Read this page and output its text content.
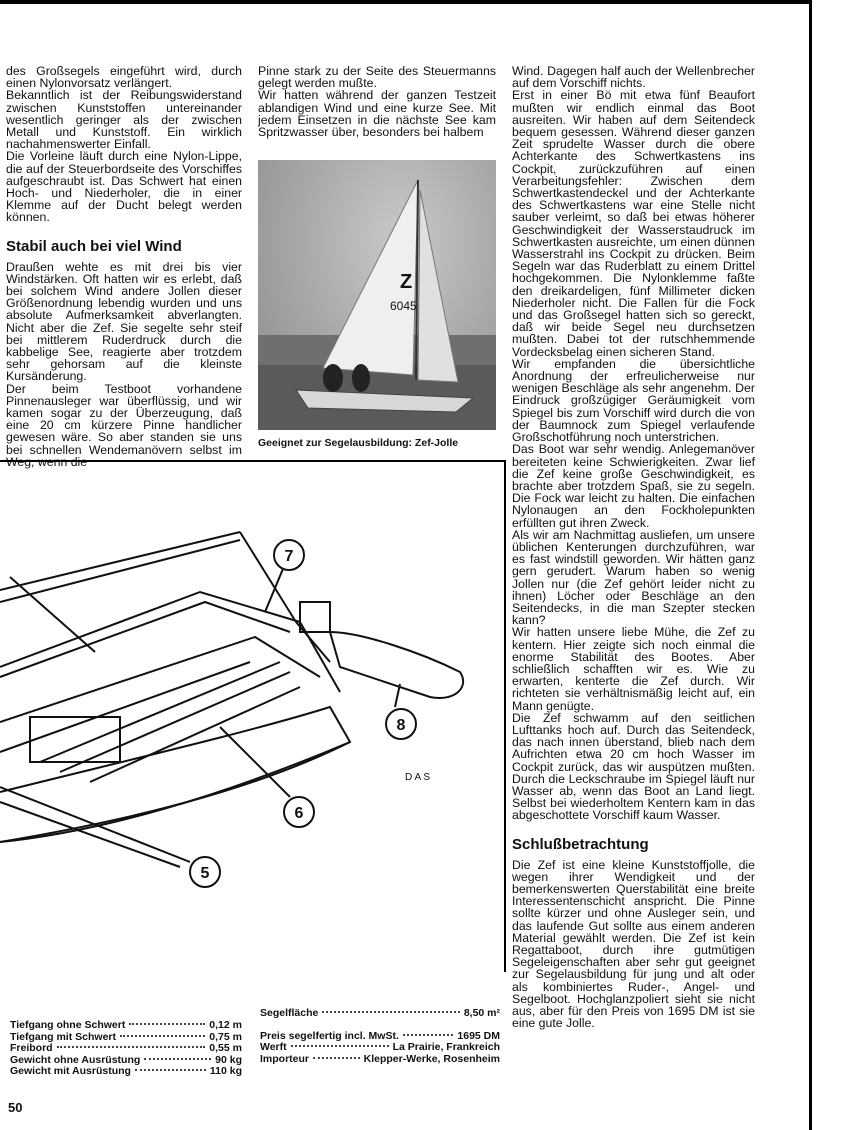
des Großsegels eingeführt wird, durch einen Nylonvorsatz verlängert.

Bekanntlich ist der Reibungswiderstand zwischen Kunststoffen untereinander wesentlich geringer als der zwischen Metall und Kunststoff. Ein wirklich nachahmenswerter Einfall.

Die Vorleine läuft durch eine Nylon-Lippe, die auf der Steuerbordseite des Vorschiffes aufgeschraubt ist. Das Schwert hat einen Hoch- und Niederholer, die in einer Klemme auf der Ducht belegt werden können.

Stabil auch bei viel Wind

Draußen wehte es mit drei bis vier Windstärken. Oft hatten wir es erlebt, daß bei solchem Wind andere Jollen dieser Größenordnung lebendig wurden und uns absolute Aufmerksamkeit abverlangten. Nicht aber die Zef. Sie segelte sehr steif bei mittlerem Ruderdruck durch die kabbelige See, reagierte aber trotzdem sehr gehorsam auf die kleinste Kursänderung.

Der beim Testboot vorhandene Pinnenausleger war überflüssig, und wir kamen sogar zu der Überzeugung, daß eine 20 cm kürzere Pinne handlicher gewesen wäre. So aber standen sie uns bei schnellen Wendemanövern selbst im Weg, wenn die

Pinne stark zu der Seite des Steuermanns gelegt werden mußte.

Wir hatten während der ganzen Testzeit ablandigen Wind und eine kurze See. Mit jedem Einsetzen in die nächste See kam Spritzwasser über, besonders bei halbem

Z
6045
Geeignet zur Segelausbildung: Zef-Jolle

Wind. Dagegen half auch der Wellenbrecher auf dem Vorschiff nichts.

Erst in einer Bö mit etwa fünf Beaufort mußten wir endlich einmal das Boot ausreiten. Wir haben auf dem Seitendeck bequem gesessen. Während dieser ganzen Zeit sprudelte Wasser durch die obere Achterkante des Schwertkastens ins Cockpit, zurückzuführen auf einen Verarbeitungsfehler: Zwischen dem Schwertkastendeckel und der Achterkante des Schwertkastens war eine Stelle nicht sauber verleimt, so daß bei etwas höherer Geschwindigkeit der Wasserstaudruck im Schwertkasten ausreichte, um einen dünnen Wasserstrahl ins Cockpit zu drücken. Beim Segeln war das Ruderblatt zu einem Drittel hochgekommen. Die Nylonklemme faßte den dreikardeligen, fünf Millimeter dicken Niederholer nicht. Die Fallen für die Fock und das Großsegel hatten sich so gereckt, daß wir beide Segel neu durchsetzen mußten. Dabei tot der rutschhemmende Vordecksbelag einen sicheren Stand.

Wir empfanden die übersichtliche Anordnung der erfreulicherweise nur wenigen Beschläge als sehr angenehm. Der Eindruck großzügiger Geräumigkeit vom Spiegel bis zum Vorschiff wird durch die von der Baumnock zum Spiegel verlaufende Großschotführung noch unterstrichen.

Das Boot war sehr wendig. Anlegemanöver bereiteten keine Schwierigkeiten. Zwar lief die Zef keine große Geschwindigkeit, es brachte aber trotzdem Spaß, sie zu segeln. Die Fock war leicht zu halten. Die einfachen Nylonaugen an den Fockholepunkten erfüllten gut ihren Zweck.

Als wir am Nachmittag ausliefen, um unsere üblichen Kenterungen durchzuführen, war es fast windstill geworden. Wir hätten ganz gern gerudert. Warum haben so wenig Jollen nur (die Zef gehört leider nicht zu ihnen) Löcher oder Beschläge an den Seitendecks, in die man Szepter stecken kann?

Wir hatten unsere liebe Mühe, die Zef zu kentern. Hier zeigte sich noch einmal die enorme Stabilität des Bootes. Aber schließlich schafften wir es. Wie zu erwarten, kenterte die Zef durch. Wir richteten sie verhältnismäßig leicht auf, ein Mann genügte.

Die Zef schwamm auf den seitlichen Lufttanks hoch auf. Durch das Seitendeck, das nach innen überstand, blieb nach dem Aufrichten etwa 20 cm hoch Wasser im Cockpit zurück, das wir auspützen mußten. Durch die Leckschraube im Spiegel läuft nur Wasser ab, wenn das Boot an Land liegt. Selbst bei wiederholtem Kentern kam in das abgeschottete Vorschiff kaum Wasser.

Schlußbetrachtung

Die Zef ist eine kleine Kunststoffjolle, die wegen ihrer Wendigkeit und der bemerkenswerten Querstabilität eine breite Interessentenschicht anspricht. Die Pinne sollte kürzer und ohne Ausleger sein, und das laufende Gut sollte aus einem anderen Material gewählt werden. Die Zef ist kein Regattaboot, durch ihre gutmütigen Segeleigenschaften aber sehr gut geeignet zur Segelausbildung für jung und alt oder als kombiniertes Ruder-, Angel- und Segelboot. Hochglanzpoliert sieht sie nicht aus, aber für den Preis von 1695 DM ist sie eine gute Jolle.

7
8
6
5
D A S
Tiefgang ohne Schwert	0,12 m
Tiefgang mit Schwert	0,75 m
Freibord	0,55 m
Gewicht ohne Ausrüstung	90 kg
Gewicht mit Ausrüstung	110 kg
Segelfläche	8,50 m²
Preis segelfertig incl. MwSt.	1695 DM
Werft	La Prairie, Frankreich
Importeur	Klepper-Werke, Rosenheim
50
